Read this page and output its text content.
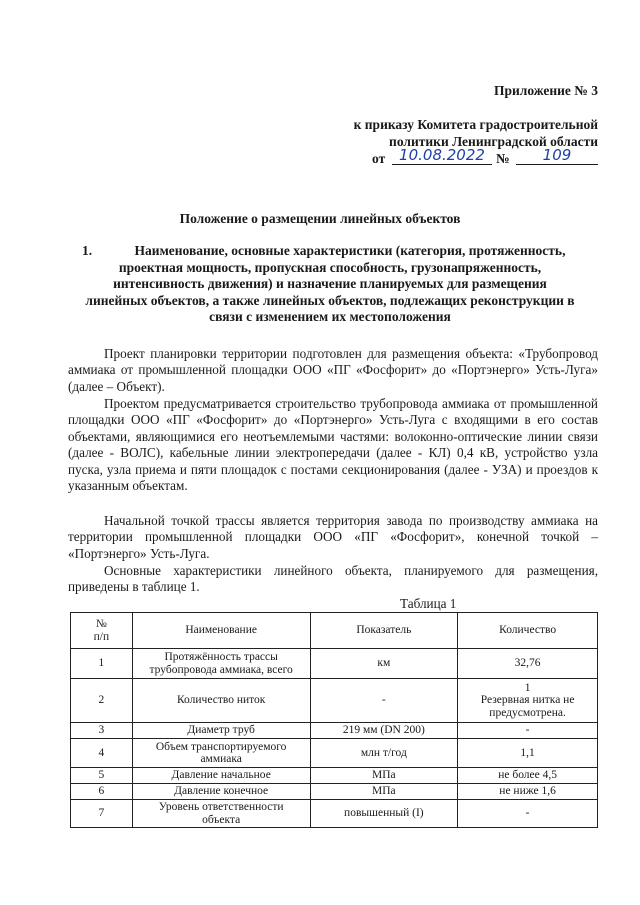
Приложение № 3
к приказу Комитета градостроительной
политики Ленинградской области
от 10.08.2022 №	109
Положение о размещении линейных объектов
1.	Наименование, основные характеристики (категория, протяженность,
проектная мощность, пропускная способность, грузонапряженность,
интенсивность движения) и назначение планируемых для размещения
линейных объектов, а также линейных объектов, подлежащих реконструкции в
связи с изменением их местоположения
Проект планировки территории подготовлен для размещения объекта: «Трубопровод аммиака от промышленной площадки ООО «ПГ «Фосфорит» до «Портэнерго» Усть-Луга» (далее – Объект).
Проектом предусматривается строительство трубопровода аммиака от промышленной площадки ООО «ПГ «Фосфорит» до «Портэнерго» Усть-Луга с входящими в его состав объектами, являющимися его неотъемлемыми частями: волоконно-оптические линии связи (далее - ВОЛС), кабельные линии электропередачи (далее - КЛ) 0,4 кВ, устройство узла пуска, узла приема и пяти площадок с постами секционирования (далее - УЗА) и проездов к указанным объектам.
Начальной точкой трассы является территория завода по производству аммиака на территории промышленной площадки ООО «ПГ «Фосфорит», конечной точкой – «Портэнерго» Усть-Луга.
Основные характеристики линейного объекта, планируемого для размещения, приведены в таблице 1.
Таблица 1
№
п/п	Наименование	Показатель	Количество
1	Протяжённость трассы
трубопровода аммиака, всего	км	32,76
2	Количество ниток	-	1
Резервная нитка не
предусмотрена.
3	Диаметр труб	219 мм (DN 200)	-
4	Объем транспортируемого
аммиака	млн т/год	1,1
5	Давление начальное	МПа	не более 4,5
6	Давление конечное	МПа	не ниже 1,6
7	Уровень ответственности
объекта	повышенный (I)	-
